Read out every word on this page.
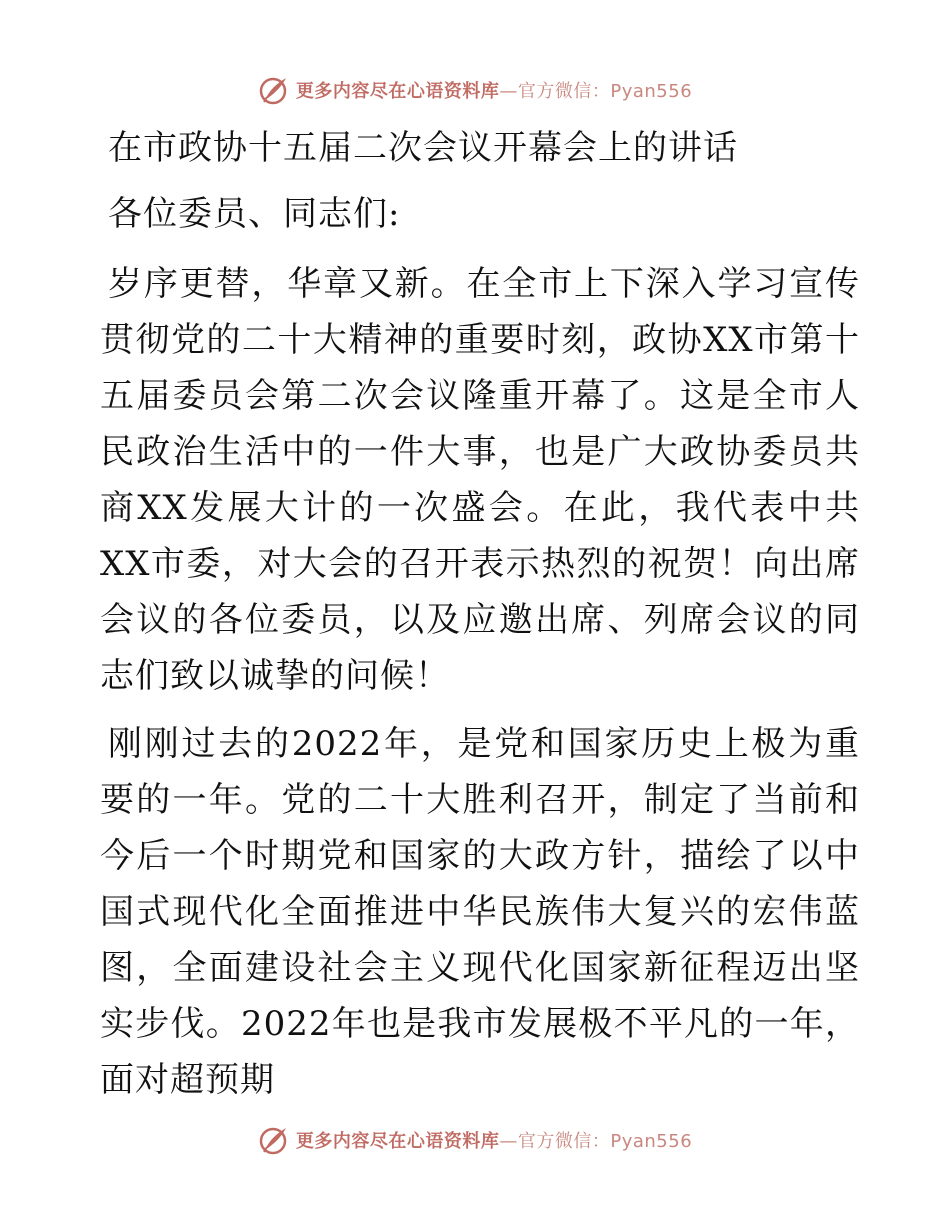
更多内容尽在心语资料库—官方微信：Pyan556

在市政协十五届二次会议开幕会上的讲话

各位委员、同志们:

岁序更替，华章又新。在全市上下深入学习宣传贯彻党的二十大精神的重要时刻，政协XX市第十五届委员会第二次会议隆重开幕了。这是全市人民政治生活中的一件大事，也是广大政协委员共商XX发展大计的一次盛会。在此，我代表中共XX市委，对大会的召开表示热烈的祝贺！向出席会议的各位委员，以及应邀出席、列席会议的同志们致以诚挚的问候！

刚刚过去的2022年，是党和国家历史上极为重要的一年。党的二十大胜利召开，制定了当前和今后一个时期党和国家的大政方针，描绘了以中国式现代化全面推进中华民族伟大复兴的宏伟蓝图，全面建设社会主义现代化国家新征程迈出坚实步伐。2022年也是我市发展极不平凡的一年，面对超预期

更多内容尽在心语资料库—官方微信：Pyan556
